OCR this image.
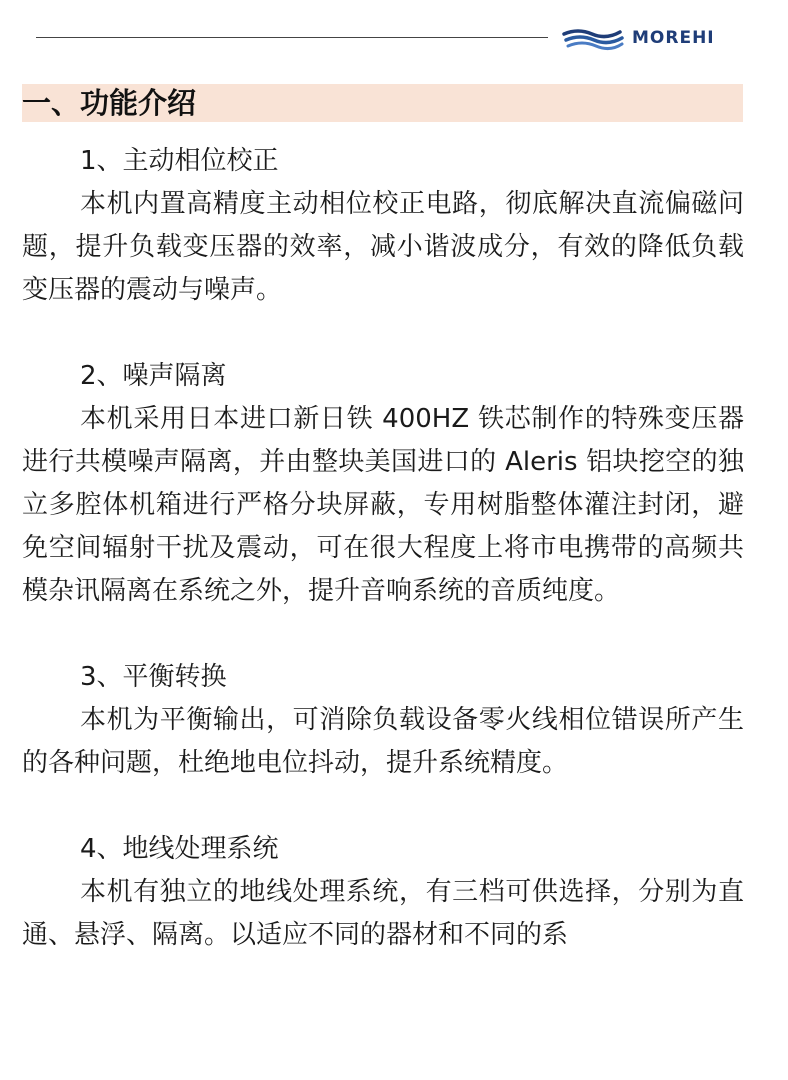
MOREHI
一、功能介绍

1、主动相位校正

本机内置高精度主动相位校正电路，彻底解决直流偏磁问题，提升负载变压器的效率，减小谐波成分，有效的降低负载变压器的震动与噪声。

2、噪声隔离

本机采用日本进口新日铁 400HZ 铁芯制作的特殊变压器进行共模噪声隔离，并由整块美国进口的 Aleris 铝块挖空的独立多腔体机箱进行严格分块屏蔽，专用树脂整体灌注封闭，避免空间辐射干扰及震动，可在很大程度上将市电携带的高频共模杂讯隔离在系统之外，提升音响系统的音质纯度。

3、平衡转换

本机为平衡输出，可消除负载设备零火线相位错误所产生的各种问题，杜绝地电位抖动，提升系统精度。

4、地线处理系统

本机有独立的地线处理系统，有三档可供选择，分别为直通、悬浮、隔离。以适应不同的器材和不同的系
